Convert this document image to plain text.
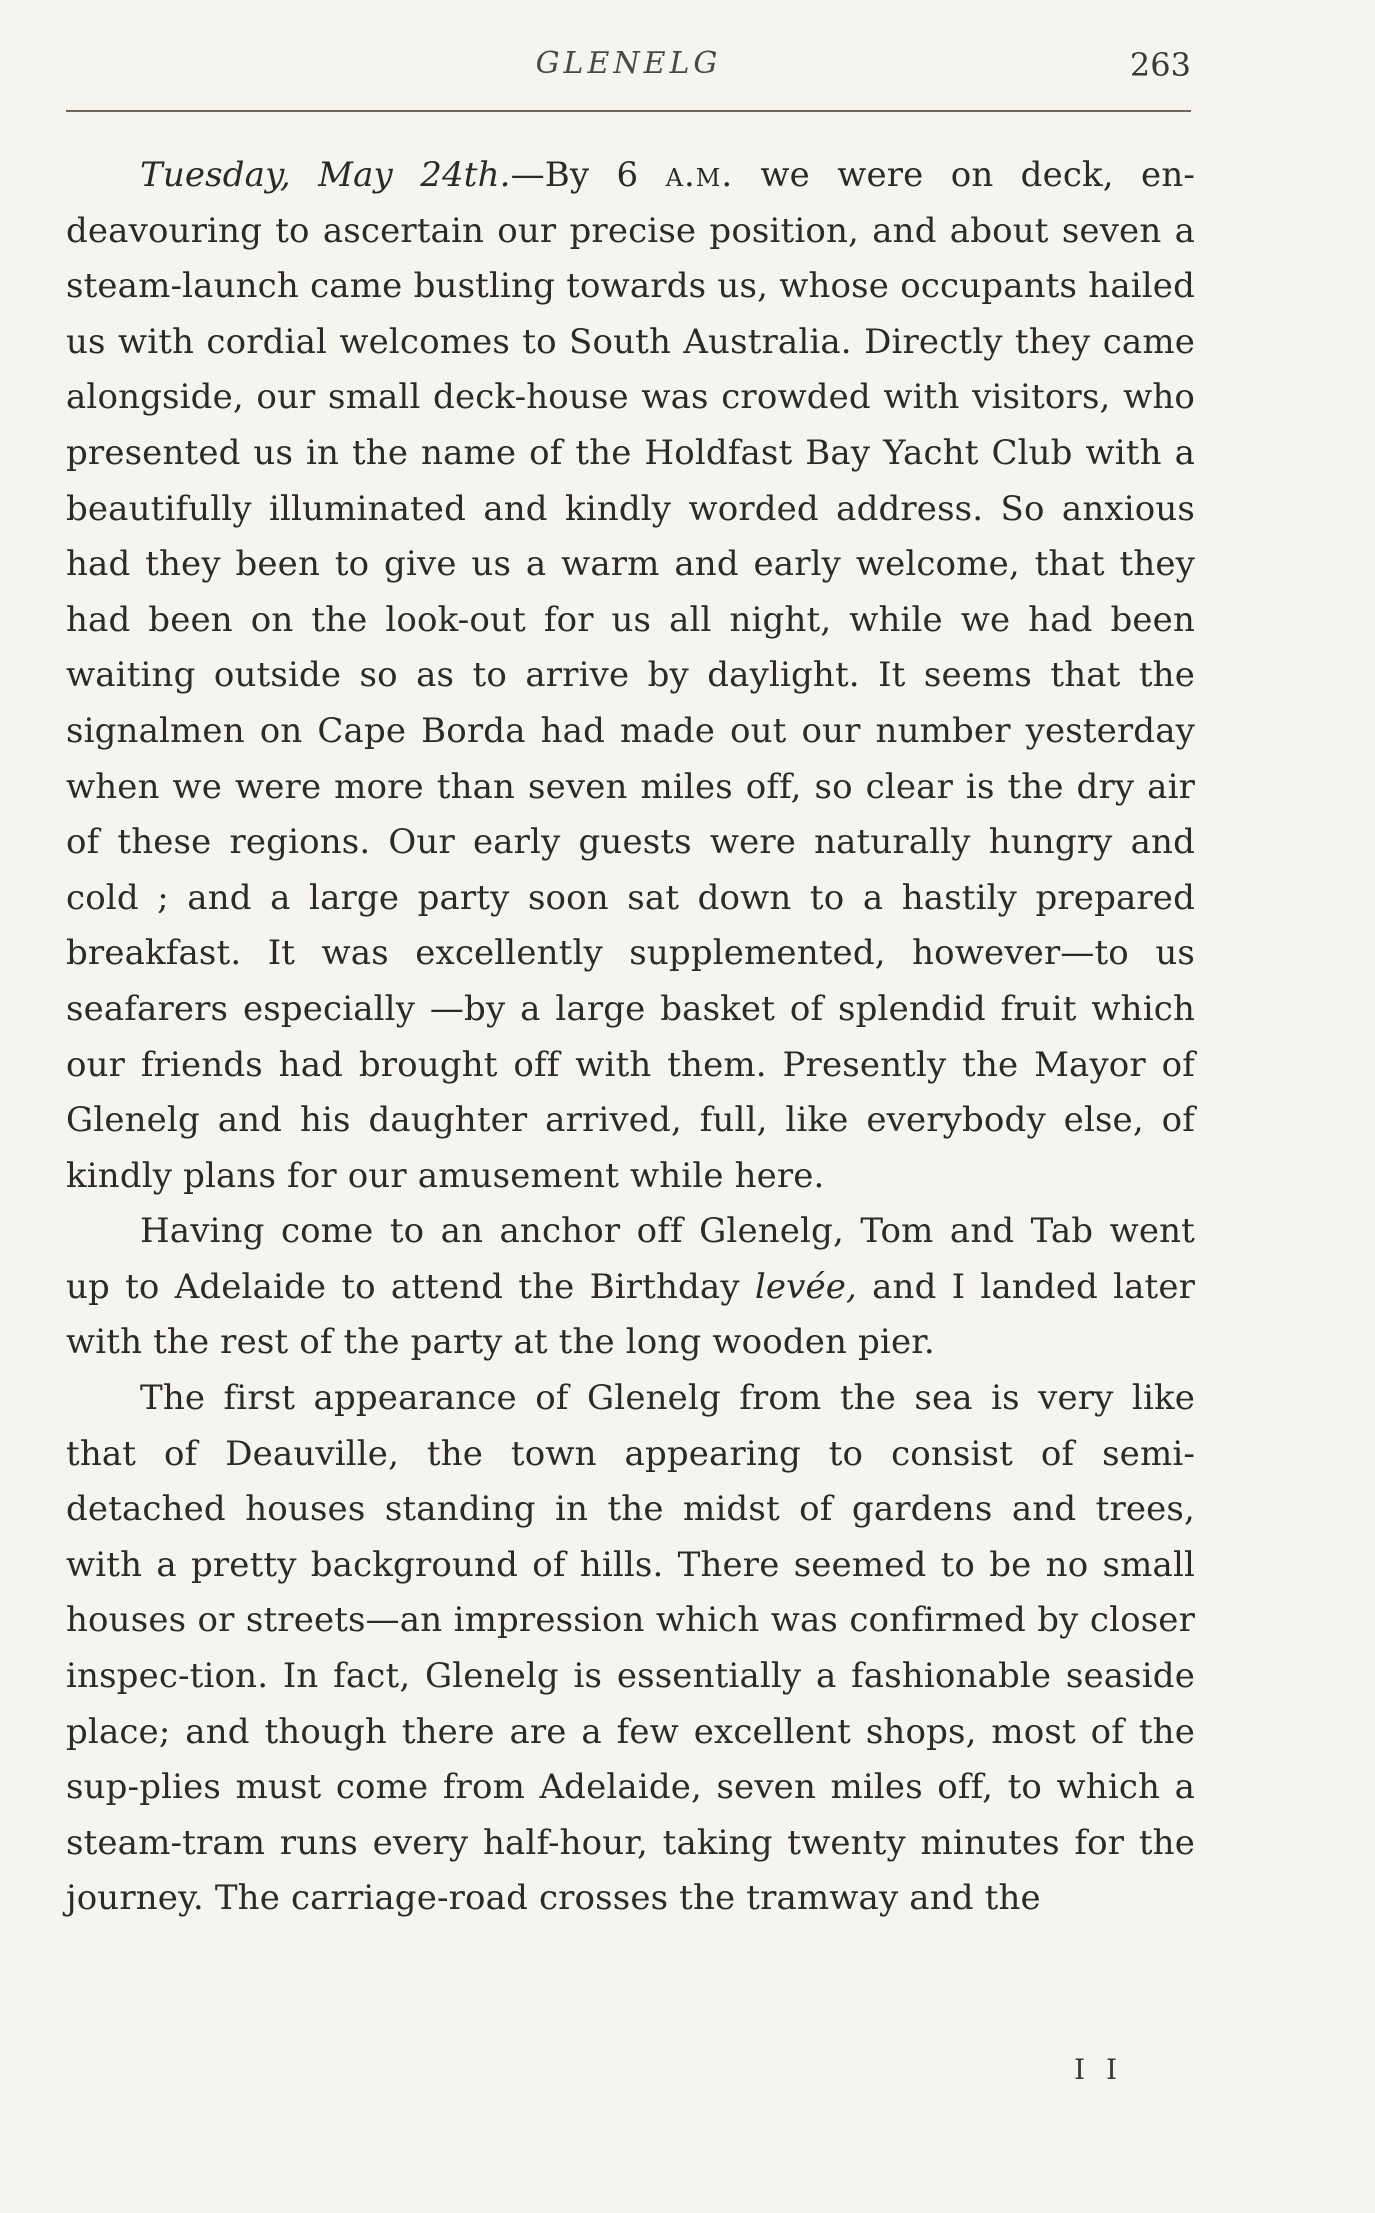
GLENELG	263

Tuesday, May 24th.—By 6 a.m. we were on deck, en-deavouring to ascertain our precise position, and about seven a steam-launch came bustling towards us, whose occupants hailed us with cordial welcomes to South Australia. Directly they came alongside, our small deck-house was crowded with visitors, who presented us in the name of the Holdfast Bay Yacht Club with a beautifully illuminated and kindly worded address. So anxious had they been to give us a warm and early welcome, that they had been on the look-out for us all night, while we had been waiting outside so as to arrive by daylight. It seems that the signalmen on Cape Borda had made out our number yesterday when we were more than seven miles off, so clear is the dry air of these regions. Our early guests were naturally hungry and cold ; and a large party soon sat down to a hastily prepared breakfast. It was excellently supplemented, however—to us seafarers especially —by a large basket of splendid fruit which our friends had brought off with them. Presently the Mayor of Glenelg and his daughter arrived, full, like everybody else, of kindly plans for our amusement while here.

Having come to an anchor off Glenelg, Tom and Tab went up to Adelaide to attend the Birthday levée, and I landed later with the rest of the party at the long wooden pier.

The first appearance of Glenelg from the sea is very like that of Deauville, the town appearing to consist of semi-detached houses standing in the midst of gardens and trees, with a pretty background of hills. There seemed to be no small houses or streets—an impression which was confirmed by closer inspec-tion. In fact, Glenelg is essentially a fashionable seaside place; and though there are a few excellent shops, most of the sup-plies must come from Adelaide, seven miles off, to which a steam-tram runs every half-hour, taking twenty minutes for the journey. The carriage-road crosses the tramway and the

I I
